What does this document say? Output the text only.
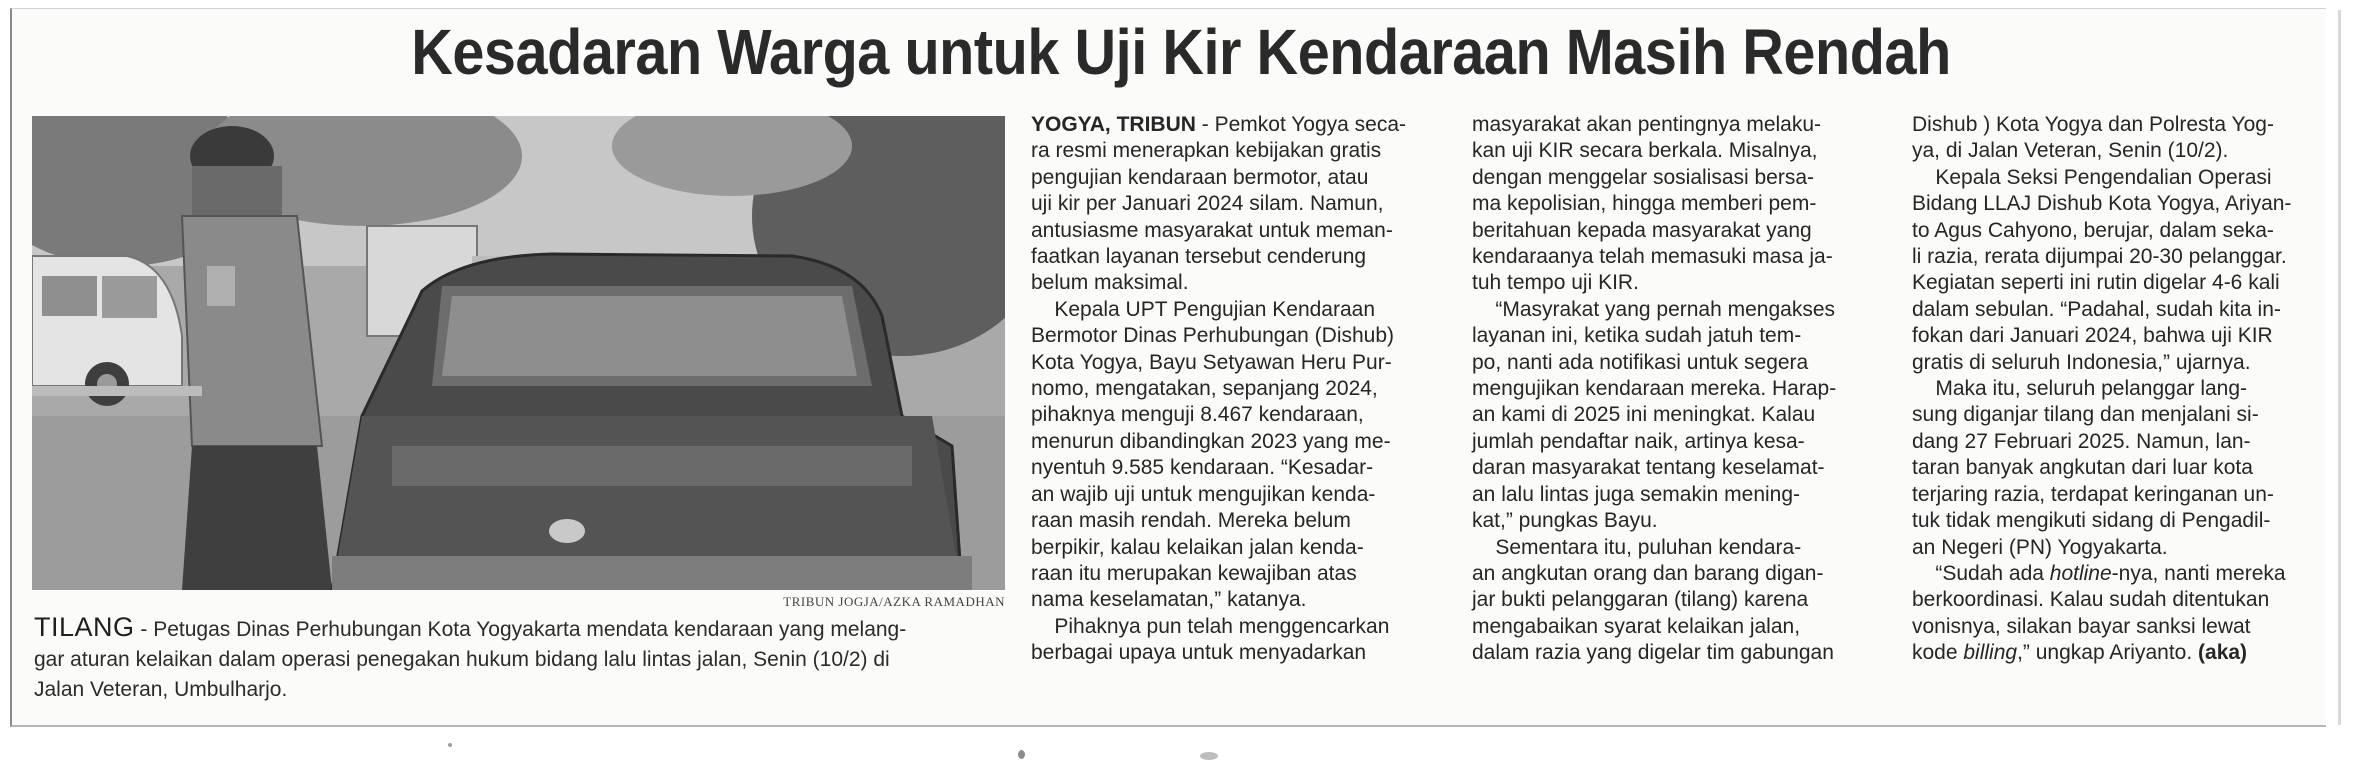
Kesadaran Warga untuk Uji Kir Kendaraan Masih Rendah
TRIBUN JOGJA/AZKA RAMADHAN
TILANG - Petugas Dinas Perhubungan Kota Yogyakarta mendata kendaraan yang melang-
gar aturan kelaikan dalam operasi penegakan hukum bidang lalu lintas jalan, Senin (10/2) di
Jalan Veteran, Umbulharjo.
YOGYA, TRIBUN - Pemkot Yogya seca-
ra resmi menerapkan kebijakan gratis
pengujian kendaraan bermotor, atau
uji kir per Januari 2024 silam. Namun,
antusiasme masyarakat untuk meman-
faatkan layanan tersebut cenderung
belum maksimal.
Kepala UPT Pengujian Kendaraan
Bermotor Dinas Perhubungan (Dishub)
Kota Yogya, Bayu Setyawan Heru Pur-
nomo, mengatakan, sepanjang 2024,
pihaknya menguji 8.467 kendaraan,
menurun dibandingkan 2023 yang me-
nyentuh 9.585 kendaraan. “Kesadar-
an wajib uji untuk mengujikan kenda-
raan masih rendah. Mereka belum
berpikir, kalau kelaikan jalan kenda-
raan itu merupakan kewajiban atas
nama keselamatan,” katanya.
Pihaknya pun telah menggencarkan
berbagai upaya untuk menyadarkan
masyarakat akan pentingnya melaku-
kan uji KIR secara berkala. Misalnya,
dengan menggelar sosialisasi bersa-
ma kepolisian, hingga memberi pem-
beritahuan kepada masyarakat yang
kendaraanya telah memasuki masa ja-
tuh tempo uji KIR.
“Masyrakat yang pernah mengakses
layanan ini, ketika sudah jatuh tem-
po, nanti ada notifikasi untuk segera
mengujikan kendaraan mereka. Harap-
an kami di 2025 ini meningkat. Kalau
jumlah pendaftar naik, artinya kesa-
daran masyarakat tentang keselamat-
an lalu lintas juga semakin mening-
kat,” pungkas Bayu.
Sementara itu, puluhan kendara-
an angkutan orang dan barang digan-
jar bukti pelanggaran (tilang) karena
mengabaikan syarat kelaikan jalan,
dalam razia yang digelar tim gabungan
Dishub ) Kota Yogya dan Polresta Yog-
ya, di Jalan Veteran, Senin (10/2).
Kepala Seksi Pengendalian Operasi
Bidang LLAJ Dishub Kota Yogya, Ariyan-
to Agus Cahyono, berujar, dalam seka-
li razia, rerata dijumpai 20-30 pelanggar.
Kegiatan seperti ini rutin digelar 4-6 kali
dalam sebulan. “Padahal, sudah kita in-
fokan dari Januari 2024, bahwa uji KIR
gratis di seluruh Indonesia,” ujarnya.
Maka itu, seluruh pelanggar lang-
sung diganjar tilang dan menjalani si-
dang 27 Februari 2025. Namun, lan-
taran banyak angkutan dari luar kota
terjaring razia, terdapat keringanan un-
tuk tidak mengikuti sidang di Pengadil-
an Negeri (PN) Yogyakarta.
“Sudah ada hotline-nya, nanti mereka
berkoordinasi. Kalau sudah ditentukan
vonisnya, silakan bayar sanksi lewat
kode billing,” ungkap Ariyanto. (aka)
